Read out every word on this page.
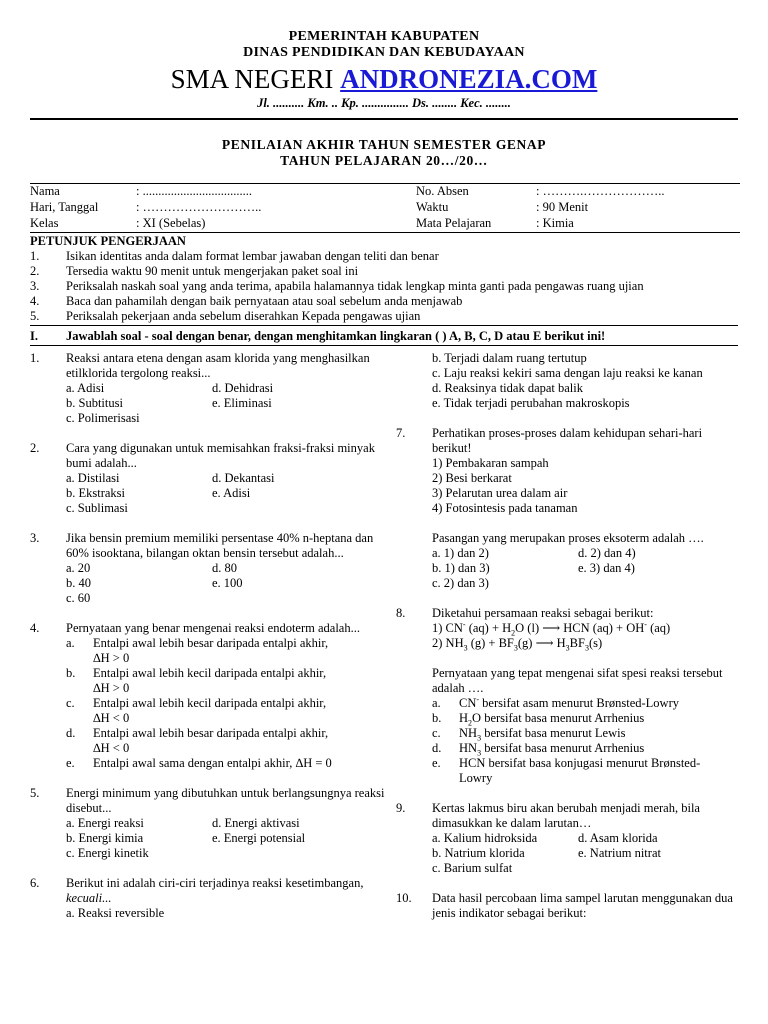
PEMERINTAH KABUPATEN
DINAS PENDIDIKAN DAN KEBUDAYAAN
SMA NEGERI ANDRONEZIA.COM
Jl. .......... Km. .. Kp. ............... Ds. ........ Kec. ........
PENILAIAN AKHIR TAHUN SEMESTER GENAP
TAHUN PELAJARAN 20…/20…
Nama	: ...................................	No. Absen	: ……….………………..
Hari, Tanggal	: ………………………..	Waktu	: 90 Menit
Kelas	: XI (Sebelas)	Mata Pelajaran	: Kimia
PETUNJUK PENGERJAAN
1.	Isikan identitas anda dalam format lembar jawaban dengan teliti dan benar
2.	Tersedia waktu 90 menit untuk mengerjakan paket soal ini
3.	Periksalah naskah soal yang anda terima, apabila halamannya tidak lengkap minta ganti pada pengawas ruang ujian
4.	Baca dan pahamilah dengan baik pernyataan atau soal sebelum anda menjawab
5.	Periksalah pekerjaan anda sebelum diserahkan Kepada pengawas ujian
I.	Jawablah soal - soal dengan benar, dengan menghitamkan lingkaran ( ) A, B, C, D atau E berikut ini!
1.	Reaksi antara etena dengan asam klorida yang menghasilkan etilklorida tergolong reaksi...
a. Adisi	d. Dehidrasi
b. Subtitusi	e. Eliminasi
c. Polimerisasi
2.	Cara yang digunakan untuk memisahkan fraksi-fraksi minyak bumi adalah...
a. Distilasi	d. Dekantasi
b. Ekstraksi	e. Adisi
c. Sublimasi
3.	Jika bensin premium memiliki persentase 40% n-heptana dan 60% isooktana, bilangan oktan bensin tersebut adalah...
a. 20	d. 80
b. 40	e. 100
c. 60
4.	Pernyataan yang benar mengenai reaksi endoterm adalah...
a.	Entalpi awal lebih besar daripada entalpi akhir,
∆H > 0
b.	Entalpi awal lebih kecil daripada entalpi akhir,
∆H > 0
c.	Entalpi awal lebih kecil daripada entalpi akhir,
∆H < 0
d.	Entalpi awal lebih besar daripada entalpi akhir,
∆H < 0
e.	Entalpi awal sama dengan entalpi akhir, ∆H = 0
5.	Energi minimum yang dibutuhkan untuk berlangsungnya reaksi disebut...
a. Energi reaksi	d. Energi aktivasi
b. Energi kimia	e. Energi potensial
c. Energi kinetik
6.	Berikut ini adalah ciri-ciri terjadinya reaksi kesetimbangan, kecuali...
a. Reaksi reversible
b. Terjadi dalam ruang tertutup
c. Laju reaksi kekiri sama dengan laju reaksi ke kanan
d. Reaksinya tidak dapat balik
e. Tidak terjadi perubahan makroskopis
7.	Perhatikan proses-proses dalam kehidupan sehari-hari berikut!
1) Pembakaran sampah
2) Besi berkarat
3) Pelarutan urea dalam air
4) Fotosintesis pada tanaman
Pasangan yang merupakan proses eksoterm adalah ….
a. 1) dan 2)	d. 2) dan 4)
b. 1) dan 3)	e. 3) dan 4)
c. 2) dan 3)
8.	Diketahui persamaan reaksi sebagai berikut:
1) CN- $(aq) + H_2O$ (l) ⟶ HCN (aq) + OH- (aq)
2) $NH_3$ $(g) + BF_3(g)$ ⟶ $H_3BF_3(s)$
Pernyataan yang tepat mengenai sifat spesi reaksi tersebut adalah ….
a.	CN- bersifat asam menurut Brønsted-Lowry
b.	$H_2O$ bersifat basa menurut Arrhenius
c.	$NH_3$ bersifat basa menurut Lewis
d.	$HN_3$ bersifat basa menurut Arrhenius
e.	HCN bersifat basa konjugasi menurut Brønsted-
Lowry
9.	Kertas lakmus biru akan berubah menjadi merah, bila dimasukkan ke dalam larutan…
a. Kalium hidroksida	d. Asam klorida
b. Natrium klorida	e. Natrium nitrat
c. Barium sulfat
10.	Data hasil percobaan lima sampel larutan menggunakan dua jenis indikator sebagai berikut:
